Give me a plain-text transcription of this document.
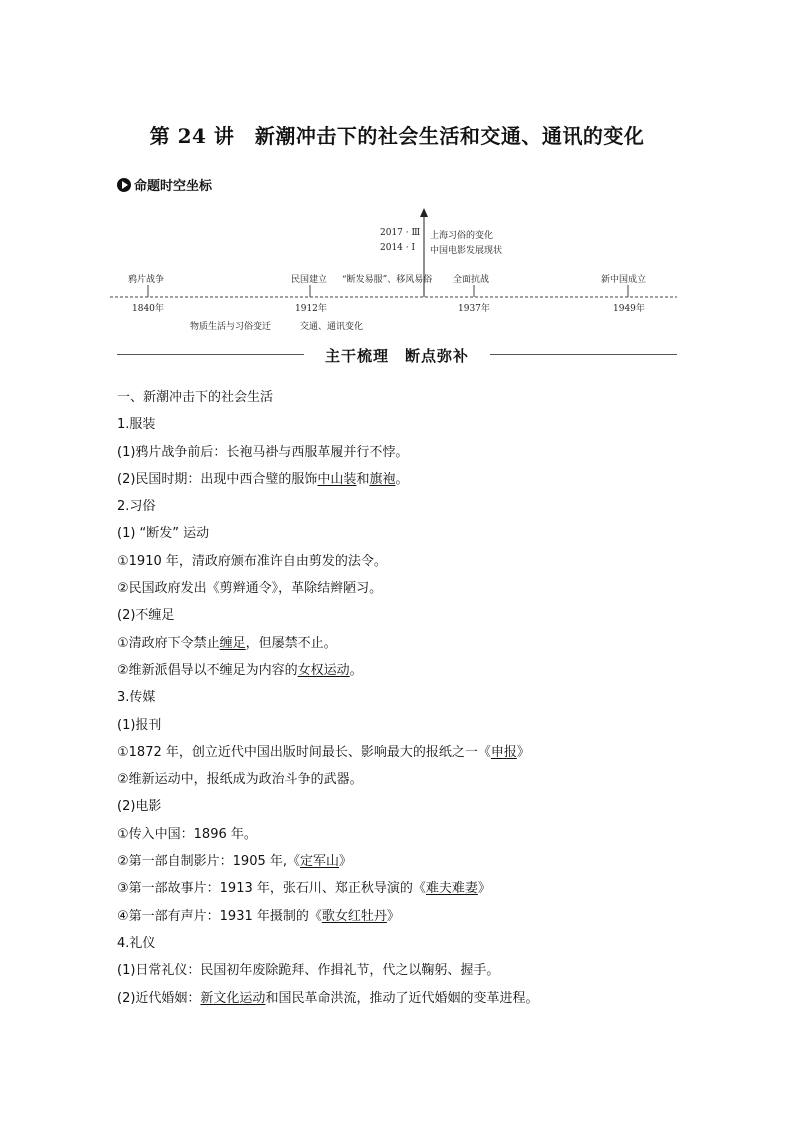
第 24 讲　新潮冲击下的社会生活和交通、通讯的变化
命题时空坐标
2017 · Ⅲ
2014 · Ⅰ
上海习俗的变化
中国电影发展现状
鸦片战争	民国建立 “断发易服”、移风易俗 全面抗战	新中国成立
1840年	1912年	1937年	1949年
物质生活与习俗变迁	交通、通讯变化
主干梳理　断点弥补
一、新潮冲击下的社会生活
1.服装
(1)鸦片战争前后：长袍马褂与西服革履并行不悖。
(2)民国时期：出现中西合璧的服饰中山装和旗袍。
2.习俗
(1) “断发” 运动
①1910 年，清政府颁布准许自由剪发的法令。
②民国政府发出《剪辫通令》，革除结辫陋习。
(2)不缠足
①清政府下令禁止缠足，但屡禁不止。
②维新派倡导以不缠足为内容的女权运动。
3.传媒
(1)报刊
①1872 年，创立近代中国出版时间最长、影响最大的报纸之一《申报》
②维新运动中，报纸成为政治斗争的武器。
(2)电影
①传入中国：1896 年。
②第一部自制影片：1905 年,《定军山》
③第一部故事片：1913 年，张石川、郑正秋导演的《难夫难妻》
④第一部有声片：1931 年摄制的《歌女红牡丹》
4.礼仪
(1)日常礼仪：民国初年废除跪拜、作揖礼节，代之以鞠躬、握手。
(2)近代婚姻：新文化运动和国民革命洪流，推动了近代婚姻的变革进程。
